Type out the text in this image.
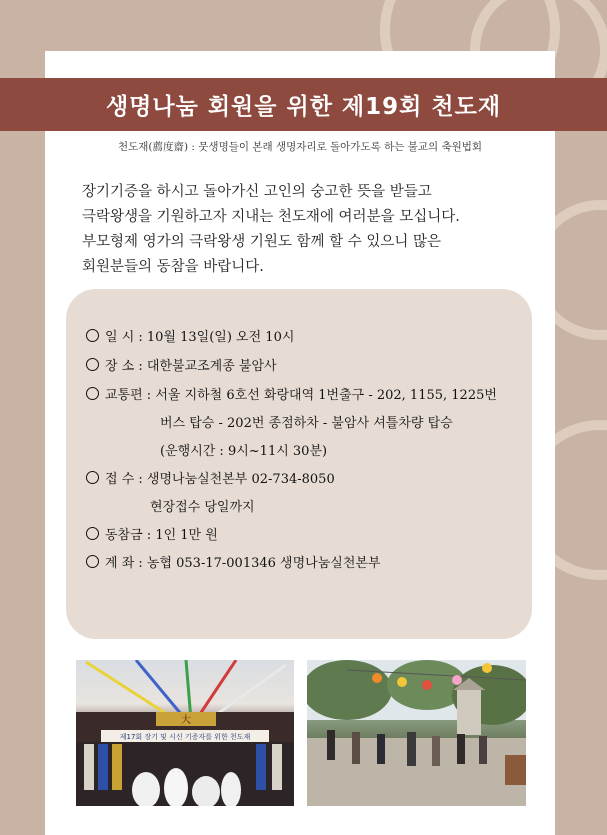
생명나눔 회원을 위한 제19회 천도재
천도재(薦度齋) : 뭇생명들이 본래 생명자리로 돌아가도록 하는 불교의 축원법회
장기기증을 하시고 돌아가신 고인의 숭고한 뜻을 받들고
극락왕생을 기원하고자 지내는 천도재에 여러분을 모십니다.
부모형제 영가의 극락왕생 기원도 함께 할 수 있으니 많은
회원분들의 동참을 바랍니다.
일 시 : 10월 13일(일) 오전 10시
장 소 : 대한불교조계종 불암사
교통편 : 서울 지하철 6호선 화랑대역 1번출구 - 202, 1155, 1225번
버스 탑승 - 202번 종점하차 - 불암사 셔틀차량 탑승
(운행시간 : 9시~11시 30분)
접 수 : 생명나눔실천본부 02-734-8050
현장접수 당일까지
동참금 : 1인 1만 원
계 좌 : 농협 053-17-001346 생명나눔실천본부
大
제17회 장기 및 시신 기증자를 위한 천도재
